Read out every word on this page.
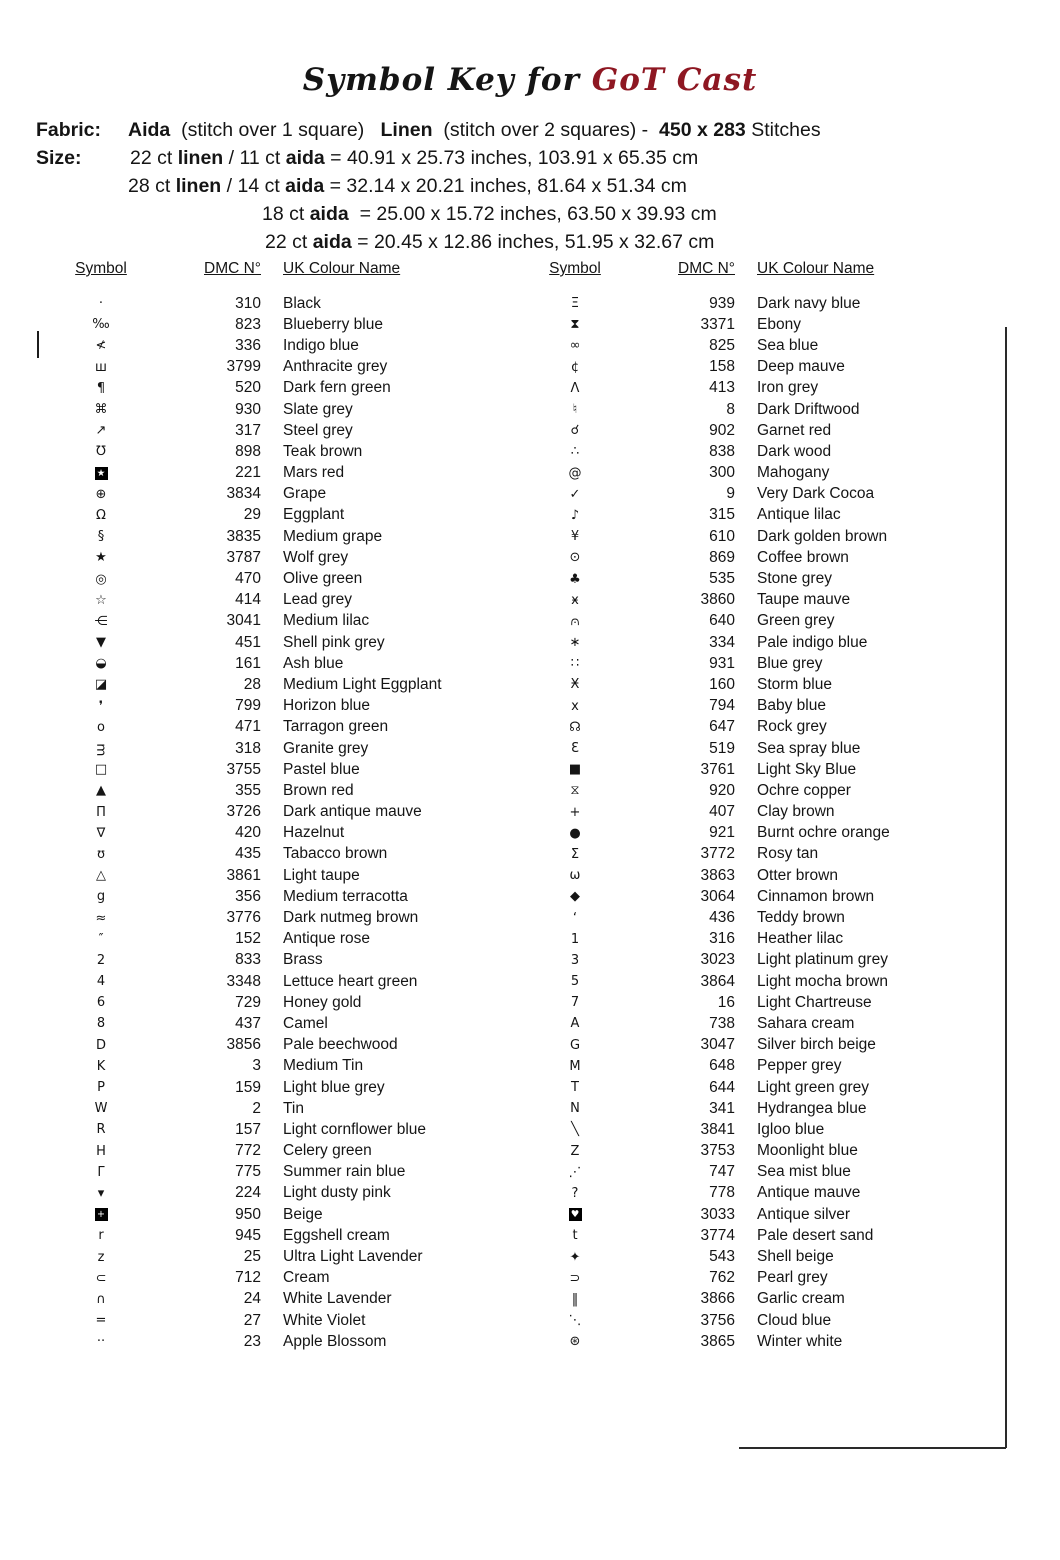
Symbol Key for GoT Cast
Fabric: Aida  (stitch over 1 square)   Linen  (stitch over 2 squares) -  450 x 283 Stitches
Size:	22 ct linen / 11 ct aida = 40.91 x 25.73 inches, 103.91 x 65.35 cm
28 ct linen / 14 ct aida = 32.14 x 20.21 inches, 81.64 x 51.34 cm
18 ct aida  = 25.00 x 15.72 inches, 63.50 x 39.93 cm
22 ct aida = 20.45 x 12.86 inches, 51.95 x 32.67 cm
Symbol	DMC N°	UK Colour Name
·	310	Black
‰	823	Blueberry blue
≮	336	Indigo blue
ш	3799	Anthracite grey
¶	520	Dark fern green
⌘	930	Slate grey
↗	317	Steel grey
℧	898	Teak brown
★	221	Mars red
⊕	3834	Grape
Ω	29	Eggplant
§	3835	Medium grape
★	3787	Wolf grey
◎	470	Olive green
☆	414	Lead grey
⋲	3041	Medium lilac
▼	451	Shell pink grey
◒	161	Ash blue
◪	28	Medium Light Eggplant
❜	799	Horizon blue
o	471	Tarragon green
ᴟ	318	Granite grey
□	3755	Pastel blue
▲	355	Brown red
Π	3726	Dark antique mauve
∇	420	Hazelnut
ʊ	435	Tabacco brown
△	3861	Light taupe
g	356	Medium terracotta
≈	3776	Dark nutmeg brown
″	152	Antique rose
2	833	Brass
4	3348	Lettuce heart green
6	729	Honey gold
8	437	Camel
D	3856	Pale beechwood
K	3	Medium Tin
P	159	Light blue grey
W	2	Tin
R	157	Light cornflower blue
H	772	Celery green
Γ	775	Summer rain blue
▾	224	Light dusty pink
+	950	Beige
r	945	Eggshell cream
z	25	Ultra Light Lavender
⊂	712	Cream
∩	24	White Lavender
=	27	White Violet
··	23	Apple Blossom
Symbol	DMC N°	UK Colour Name
Ξ	939	Dark navy blue
⧗	3371	Ebony
∞	825	Sea blue
¢	158	Deep mauve
Ʌ	413	Iron grey
♮	8	Dark Driftwood
☌	902	Garnet red
∴	838	Dark wood
@	300	Mahogany
✓	9	Very Dark Cocoa
♪	315	Antique lilac
¥	610	Dark golden brown
⊙	869	Coffee brown
♣	535	Stone grey
ӿ	3860	Taupe mauve
⩀	640	Green grey
∗	334	Pale indigo blue
∷	931	Blue grey
Ӿ	160	Storm blue
x	794	Baby blue
☊	647	Rock grey
Ɛ	519	Sea spray blue
■	3761	Light Sky Blue
⧖	920	Ochre copper
+	407	Clay brown
●	921	Burnt ochre orange
Σ	3772	Rosy tan
ω	3863	Otter brown
◆	3064	Cinnamon brown
‘	436	Teddy brown
1	316	Heather lilac
3	3023	Light platinum grey
5	3864	Light mocha brown
7	16	Light Chartreuse
A	738	Sahara cream
G	3047	Silver birch beige
M	648	Pepper grey
T	644	Light green grey
N	341	Hydrangea blue
╲	3841	Igloo blue
Z	3753	Moonlight blue
⋰	747	Sea mist blue
?	778	Antique mauve
♥	3033	Antique silver
t	3774	Pale desert sand
✦	543	Shell beige
⊃	762	Pearl grey
‖	3866	Garlic cream
⋱	3756	Cloud blue
⊛	3865	Winter white
